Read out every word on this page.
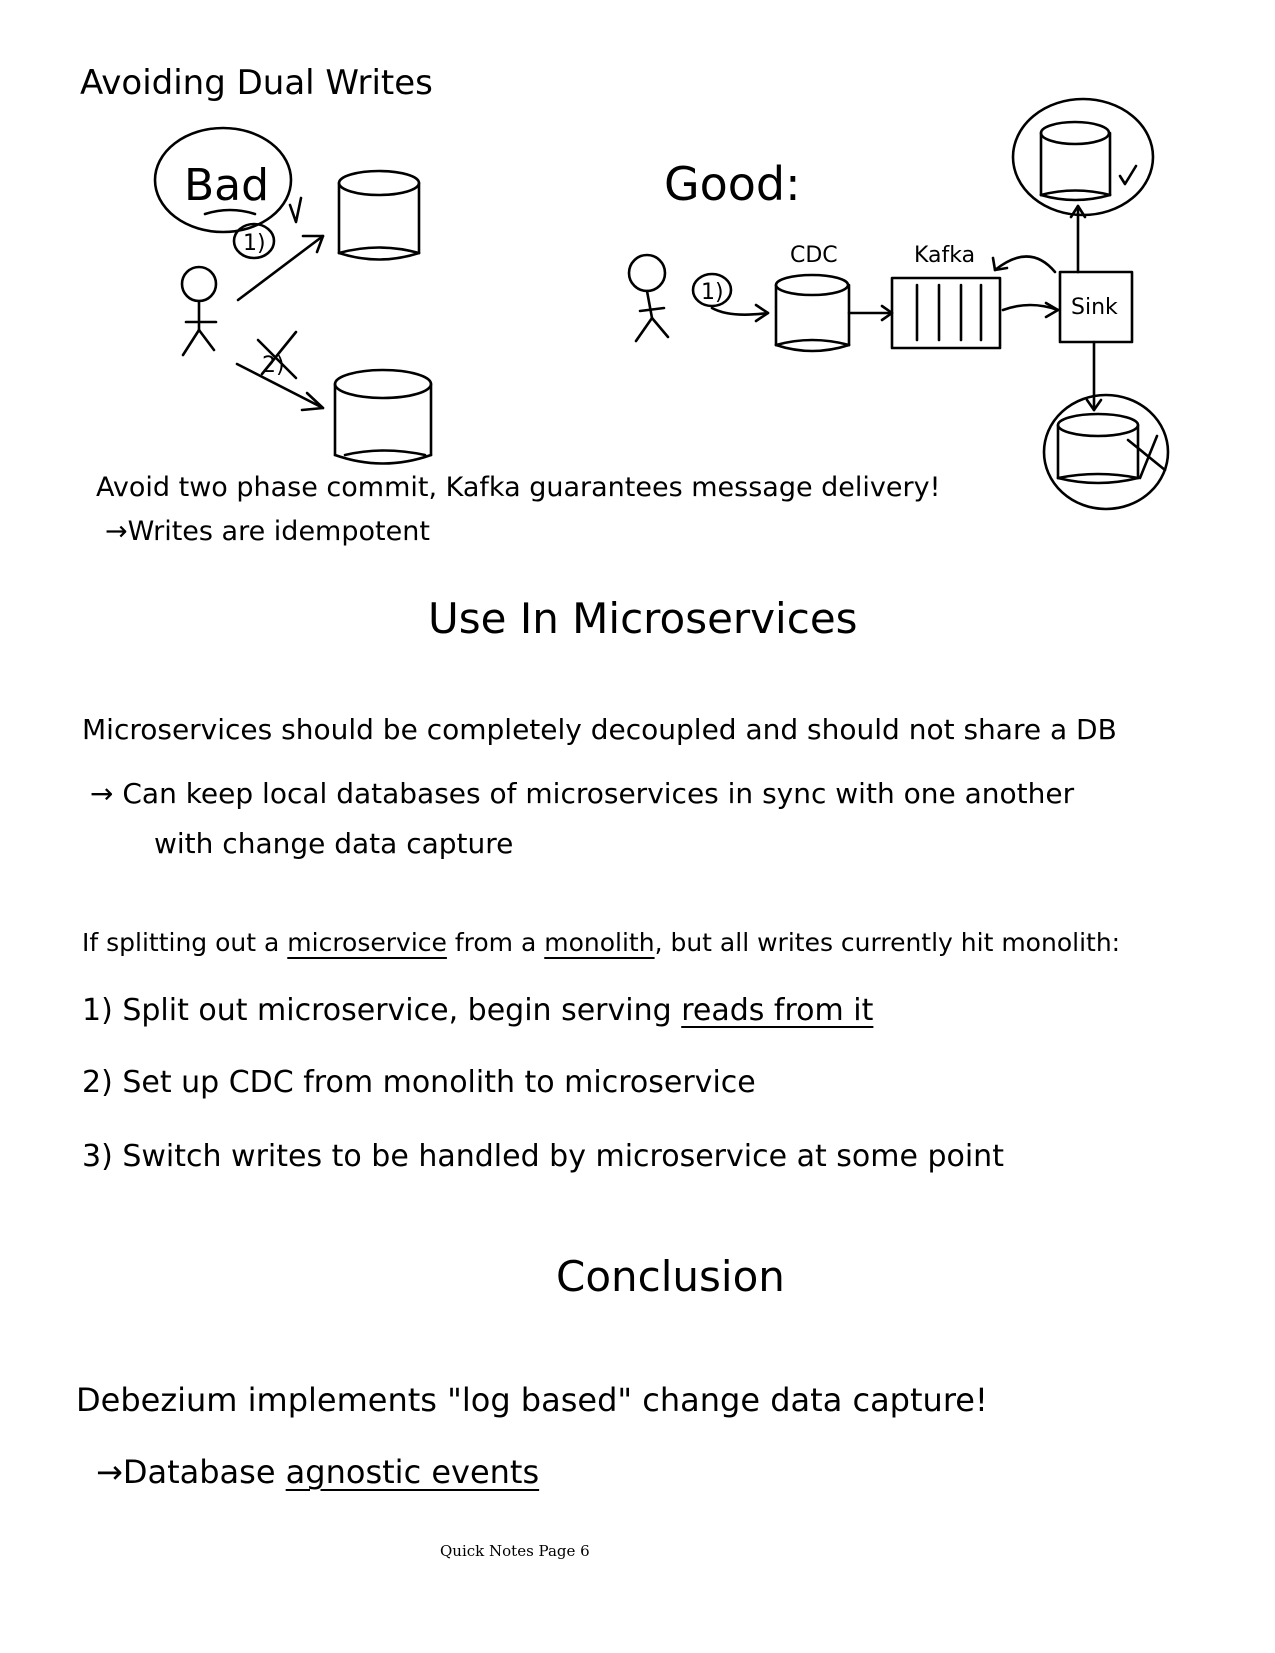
Avoiding Dual Writes
Bad
1)
2)
Good:
1)
CDC	Kafka
Sink
Avoid two phase commit, Kafka guarantees message delivery!
→Writes are idempotent
Use In Microservices
Microservices should be completely decoupled and should not share a DB
→ Can keep local databases of microservices in sync with one another
with change data capture
If splitting out a microservice from a monolith, but all writes currently hit monolith:
1) Split out microservice, begin serving reads from it
2) Set up CDC from monolith to microservice
3) Switch writes to be handled by microservice at some point
Conclusion
Debezium implements "log based" change data capture!
→Database agnostic events
Quick Notes Page 6
